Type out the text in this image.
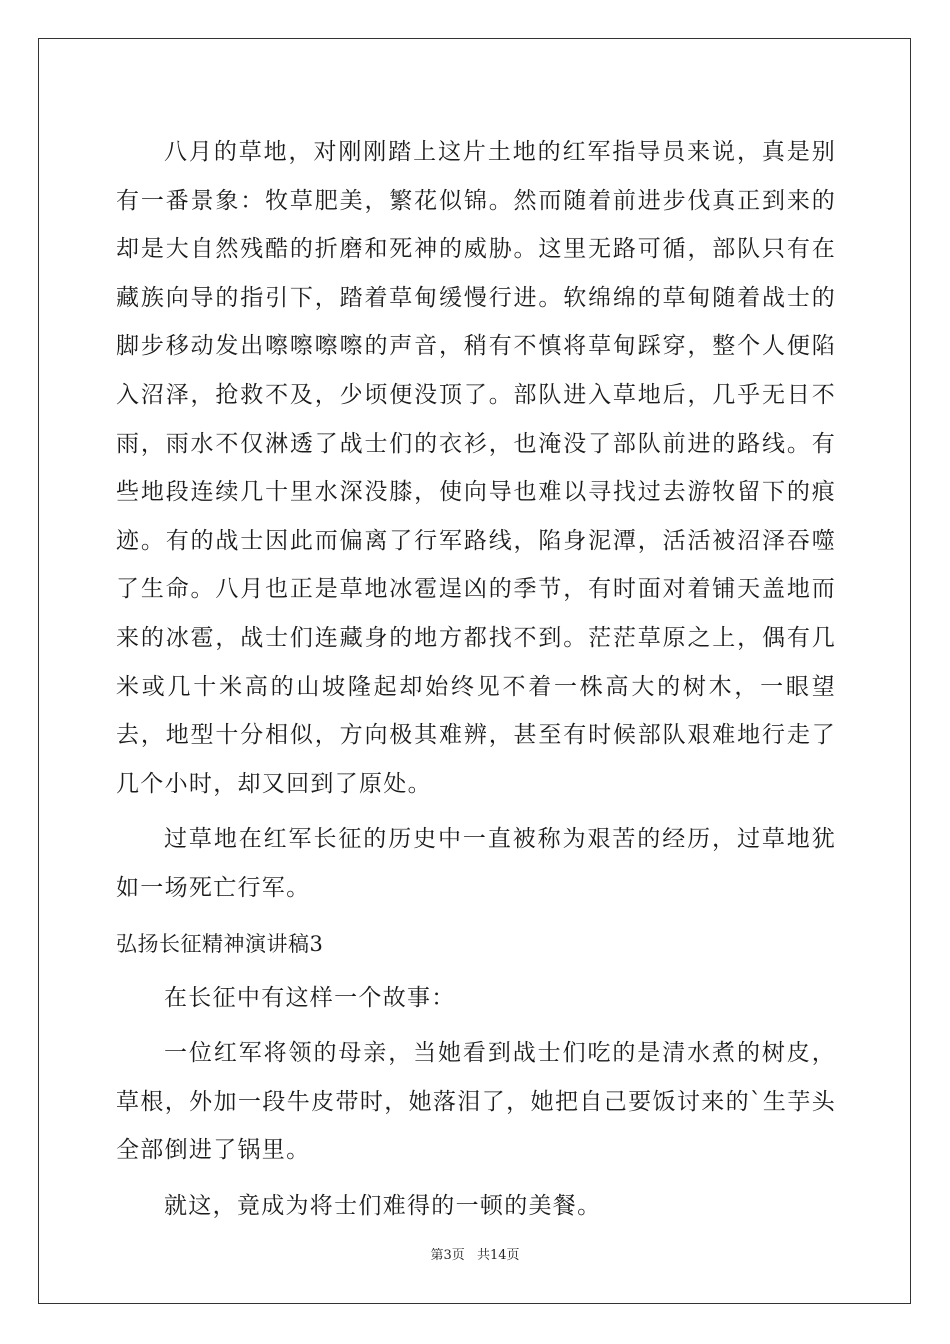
八月的草地，对刚刚踏上这片土地的红军指导员来说，真是别有一番景象：牧草肥美，繁花似锦。然而随着前进步伐真正到来的却是大自然残酷的折磨和死神的威胁。这里无路可循，部队只有在藏族向导的指引下，踏着草甸缓慢行进。软绵绵的草甸随着战士的脚步移动发出嚓嚓嚓嚓的声音，稍有不慎将草甸踩穿，整个人便陷入沼泽，抢救不及，少顷便没顶了。部队进入草地后，几乎无日不雨，雨水不仅淋透了战士们的衣衫，也淹没了部队前进的路线。有些地段连续几十里水深没膝，使向导也难以寻找过去游牧留下的痕迹。有的战士因此而偏离了行军路线，陷身泥潭，活活被沼泽吞噬了生命。八月也正是草地冰雹逞凶的季节，有时面对着铺天盖地而来的冰雹，战士们连藏身的地方都找不到。茫茫草原之上，偶有几米或几十米高的山坡隆起却始终见不着一株高大的树木，一眼望去，地型十分相似，方向极其难辨，甚至有时候部队艰难地行走了几个小时，却又回到了原处。

过草地在红军长征的历史中一直被称为艰苦的经历，过草地犹如一场死亡行军。

弘扬长征精神演讲稿3

在长征中有这样一个故事：

一位红军将领的母亲，当她看到战士们吃的是清水煮的树皮，草根，外加一段牛皮带时，她落泪了，她把自己要饭讨来的`生芋头全部倒进了锅里。

就这，竟成为将士们难得的一顿的美餐。

第3页 共14页
